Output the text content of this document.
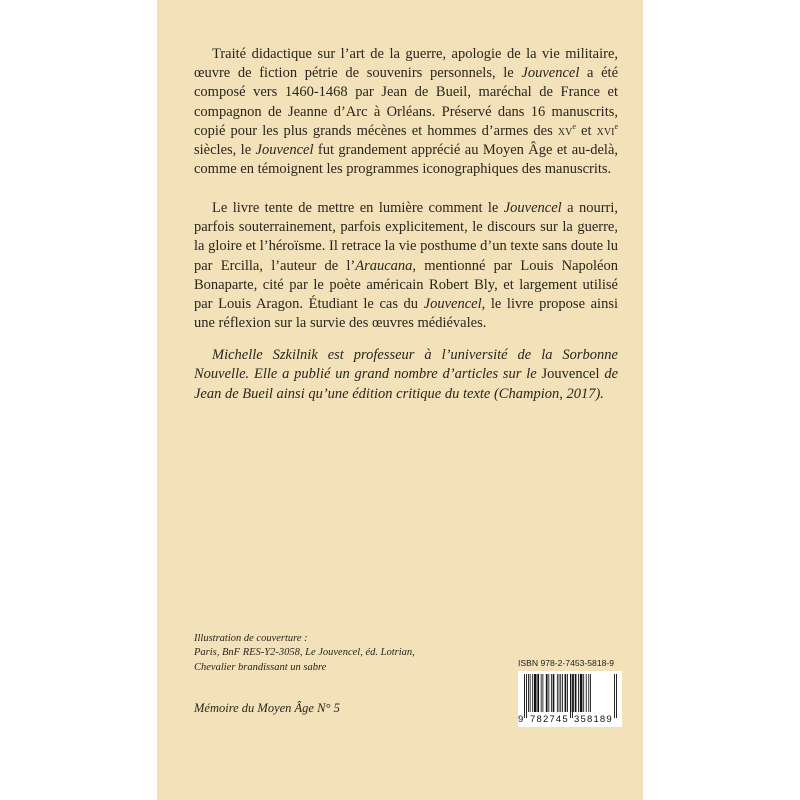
Traité didactique sur l’art de la guerre, apologie de la vie militaire, œuvre de fiction pétrie de souvenirs personnels, le Jouvencel a été composé vers 1460-1468 par Jean de Bueil, maréchal de France et compagnon de Jeanne d’Arc à Orléans. Préservé dans 16 manuscrits, copié pour les plus grands mécènes et hommes d’armes des $xv^e$ et xvi$^e$ siècles, le Jouvencel fut grandement apprécié au Moyen Âge et au-delà, comme en témoignent les programmes iconographiques des manuscrits.

Le livre tente de mettre en lumière comment le Jouvencel a nourri, parfois souterrainement, parfois explicitement, le discours sur la guerre, la gloire et l’héroïsme. Il retrace la vie posthume d’un texte sans doute lu par Ercilla, l’auteur de l’Araucana, mentionné par Louis Napoléon Bonaparte, cité par le poète américain Robert Bly, et largement utilisé par Louis Aragon. Étudiant le cas du Jouvencel, le livre propose ainsi une réflexion sur la survie des œuvres médiévales.

Michelle Szkilnik est professeur à l’université de la Sorbonne Nouvelle. Elle a publié un grand nombre d’articles sur le Jouvencel de Jean de Bueil ainsi qu’une édition critique du texte (Champion, 2017).

Illustration de couverture :
Paris, BnF RES-Y2-3058, Le Jouvencel, éd. Lotrian,
Chevalier brandissant un sabre
Mémoire du Moyen Âge N° 5
ISBN 978-2-7453-5818-9
9 782745 358189
